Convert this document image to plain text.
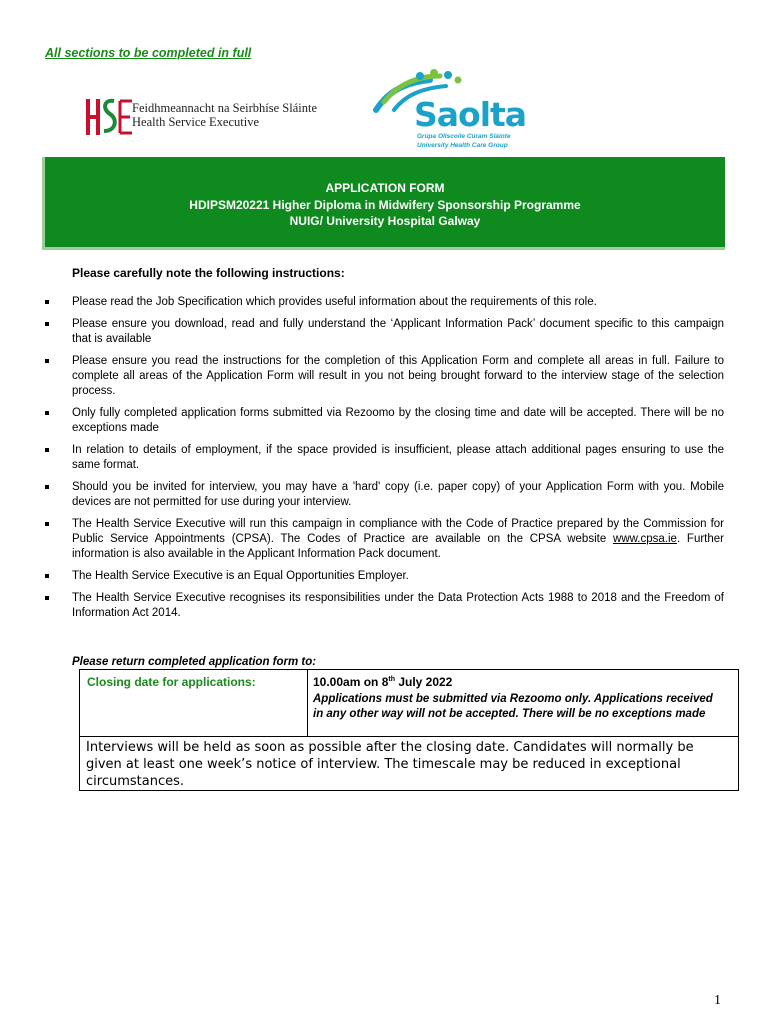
All sections to be completed in full
Feidhmeannacht na Seirbhíse Sláinte
Health Service Executive	Saolta
Grúpa Ollscoile Cúram Sláinte
University Health Care Group
APPLICATION FORM
HDIPSM20221 Higher Diploma in Midwifery Sponsorship Programme
NUIG/ University Hospital Galway
Please carefully note the following instructions:
Please read the Job Specification which provides useful information about the requirements of this role.
Please ensure you download, read and fully understand the ‘Applicant Information Pack’ document specific to this campaign that is available
Please ensure you read the instructions for the completion of this Application Form and complete all areas in full. Failure to complete all areas of the Application Form will result in you not being brought forward to the interview stage of the selection process.
Only fully completed application forms submitted via Rezoomo by the closing time and date will be accepted. There will be no exceptions made
In relation to details of employment, if the space provided is insufficient, please attach additional pages ensuring to use the same format.
Should you be invited for interview, you may have a 'hard' copy (i.e. paper copy) of your Application Form with you. Mobile devices are not permitted for use during your interview.
The Health Service Executive will run this campaign in compliance with the Code of Practice prepared by the Commission for Public Service Appointments (CPSA). The Codes of Practice are available on the CPSA website www.cpsa.ie. Further information is also available in the Applicant Information Pack document.
The Health Service Executive is an Equal Opportunities Employer.
The Health Service Executive recognises its responsibilities under the Data Protection Acts 1988 to 2018 and the Freedom of Information Act 2014.
Please return completed application form to:
Closing date for applications:	10.00am on 8th July 2022
Applications must be submitted via Rezoomo only. Applications received in any other way will not be accepted. There will be no exceptions made
Interviews will be held as soon as possible after the closing date. Candidates will normally be given at least one week’s notice of interview. The timescale may be reduced in exceptional circumstances.
1
